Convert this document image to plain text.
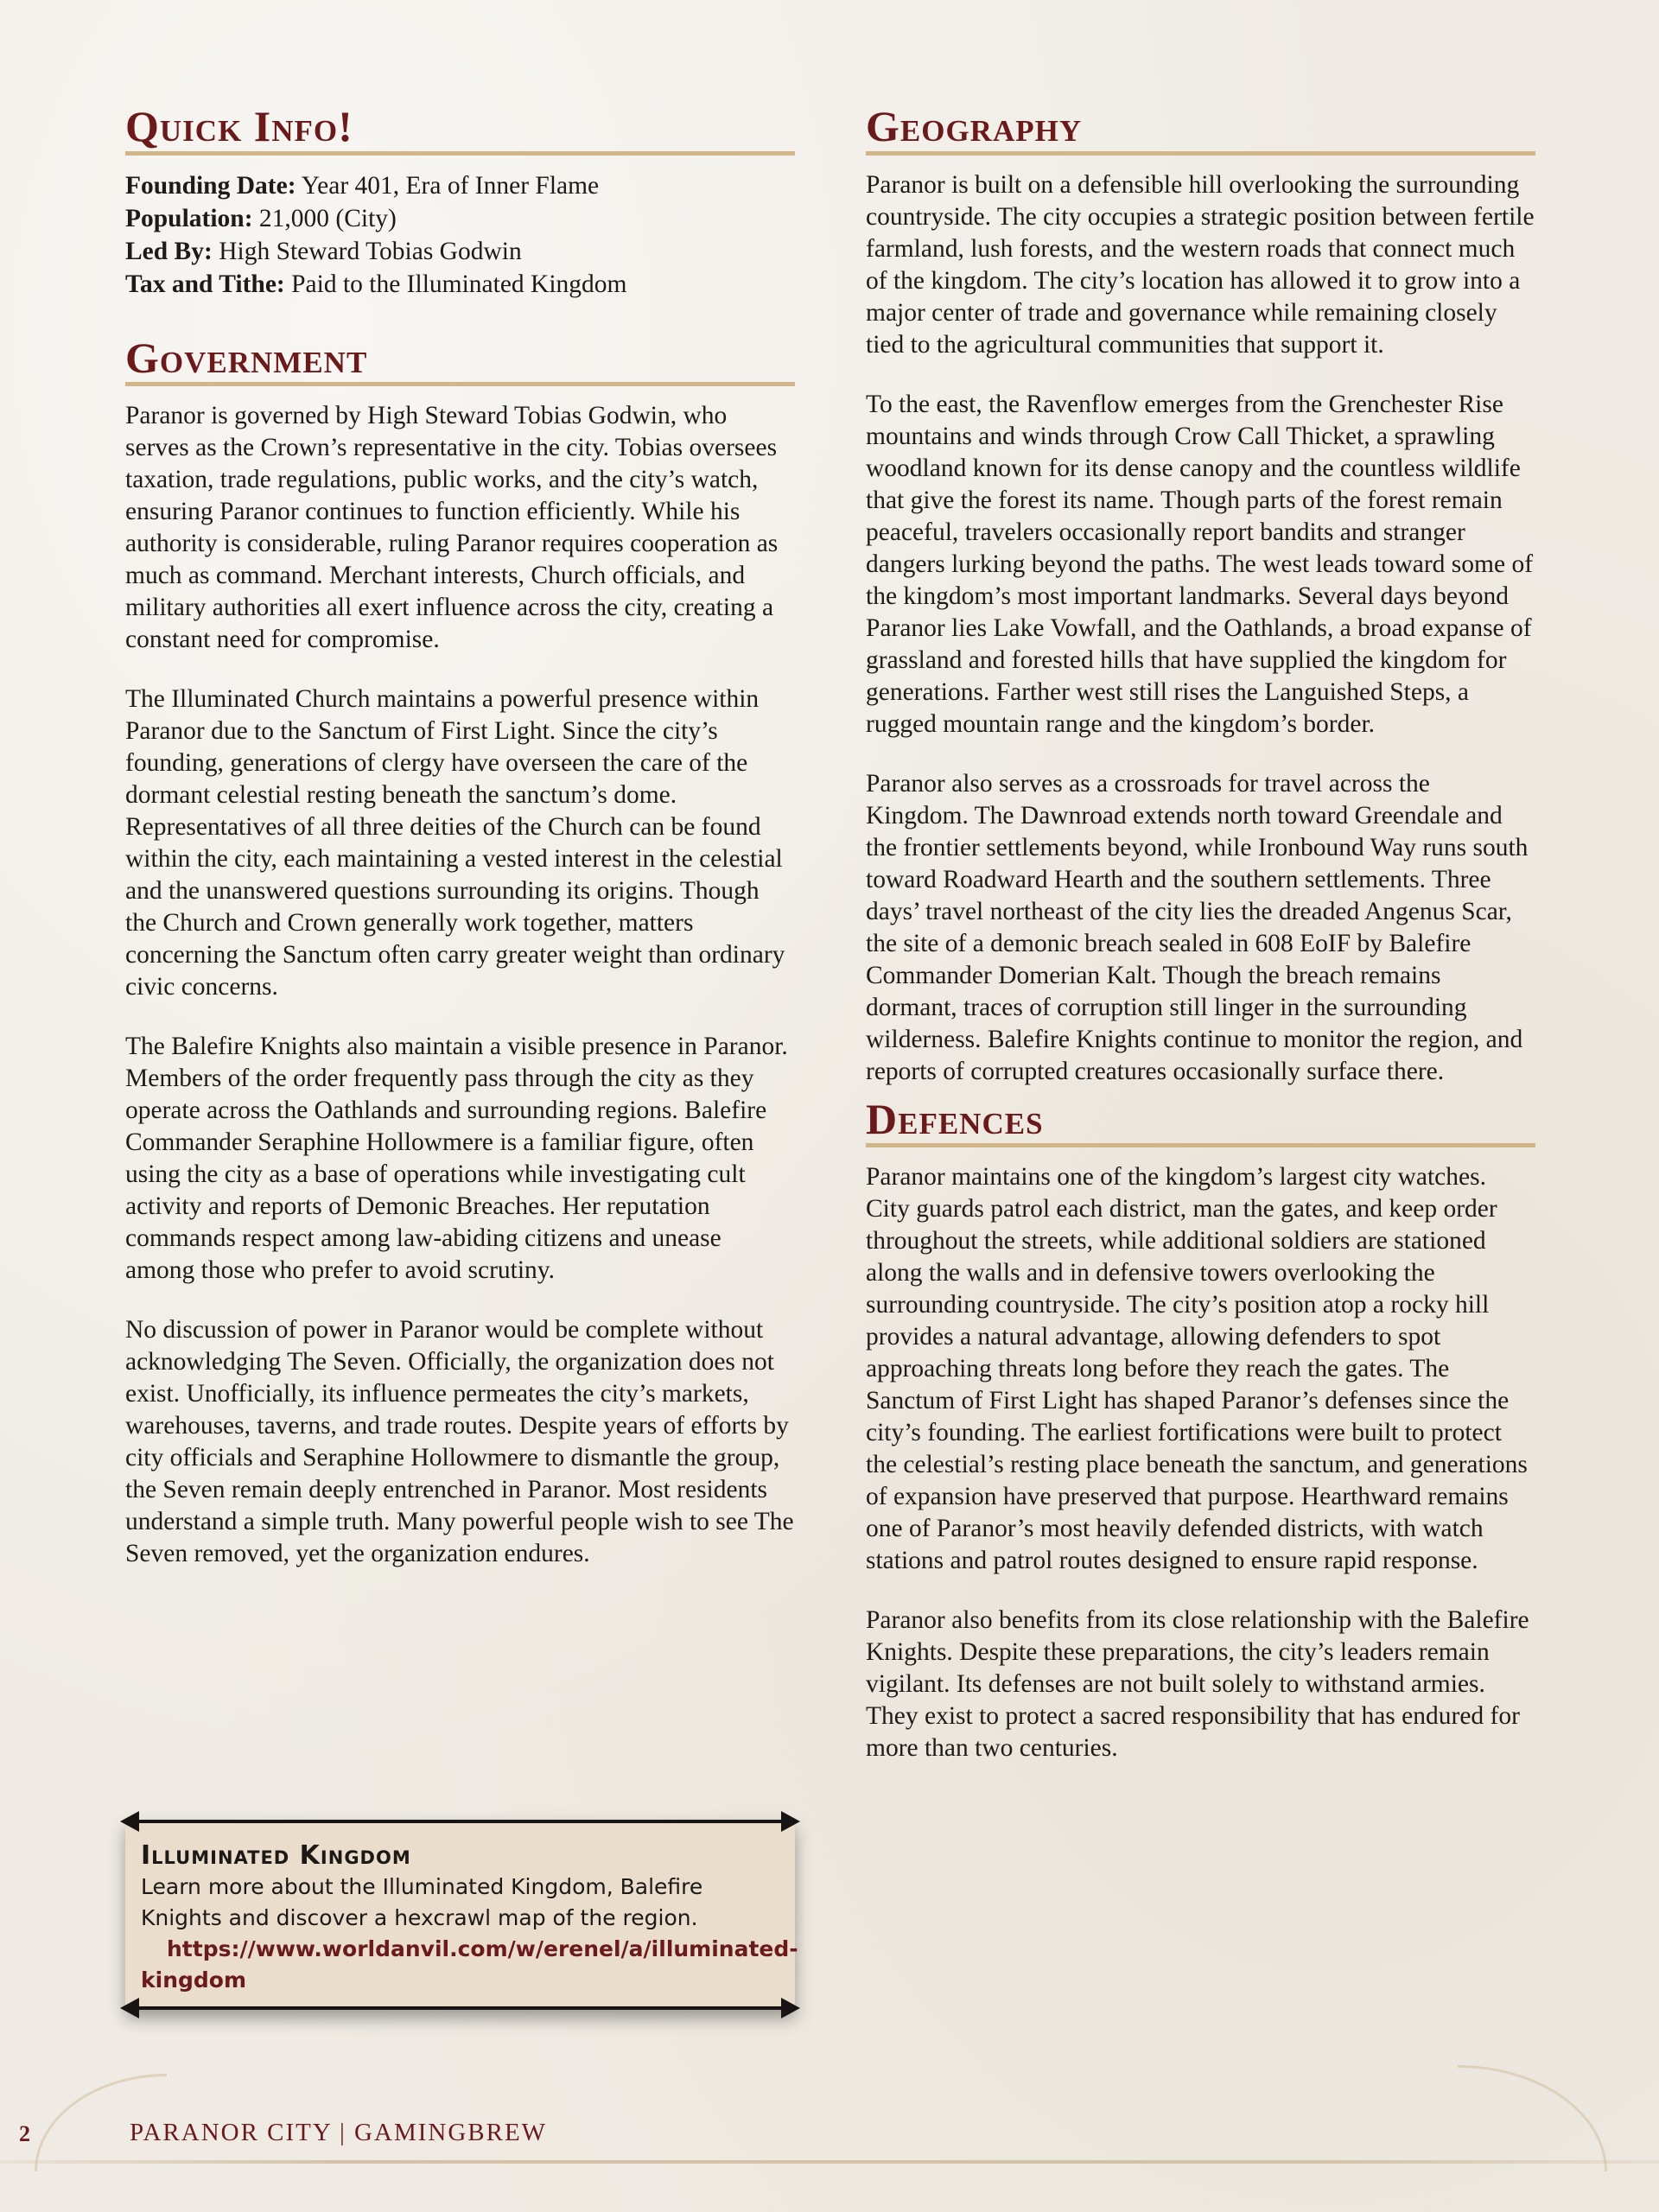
Quick Info!
Founding Date: Year 401, Era of Inner Flame
Population: 21,000 (City)
Led By: High Steward Tobias Godwin
Tax and Tithe: Paid to the Illuminated Kingdom
Government

Paranor is governed by High Steward Tobias Godwin, who serves as the Crown’s representative in the city. Tobias oversees taxation, trade regulations, public works, and the city’s watch, ensuring Paranor continues to function efficiently. While his authority is considerable, ruling Paranor requires cooperation as much as command. Merchant interests, Church officials, and military authorities all exert influence across the city, creating a constant need for compromise.

The Illuminated Church maintains a powerful presence within Paranor due to the Sanctum of First Light. Since the city’s founding, generations of clergy have overseen the care of the dormant celestial resting beneath the sanctum’s dome. Representatives of all three deities of the Church can be found within the city, each maintaining a vested interest in the celestial and the unanswered questions surrounding its origins. Though the Church and Crown generally work together, matters concerning the Sanctum often carry greater weight than ordinary civic concerns.

The Balefire Knights also maintain a visible presence in Paranor. Members of the order frequently pass through the city as they operate across the Oathlands and surrounding regions. Balefire Commander Seraphine Hollowmere is a familiar figure, often using the city as a base of operations while investigating cult activity and reports of Demonic Breaches. Her reputation commands respect among law-abiding citizens and unease among those who prefer to avoid scrutiny.

No discussion of power in Paranor would be complete without acknowledging The Seven. Officially, the organization does not exist. Unofficially, its influence permeates the city’s markets, warehouses, taverns, and trade routes. Despite years of efforts by city officials and Seraphine Hollowmere to dismantle the group, the Seven remain deeply entrenched in Paranor. Most residents understand a simple truth. Many powerful people wish to see The Seven removed, yet the organization endures.

Illuminated Kingdom
Learn more about the Illuminated Kingdom, Balefire Knights and discover a hexcrawl map of the region.
https://www.worldanvil.com/w/erenel/a/illuminated-kingdom
Geography

Paranor is built on a defensible hill overlooking the surrounding countryside. The city occupies a strategic position between fertile farmland, lush forests, and the western roads that connect much of the kingdom. The city’s location has allowed it to grow into a major center of trade and governance while remaining closely tied to the agricultural communities that support it.

To the east, the Ravenflow emerges from the Grenchester Rise mountains and winds through Crow Call Thicket, a sprawling woodland known for its dense canopy and the countless wildlife that give the forest its name. Though parts of the forest remain peaceful, travelers occasionally report bandits and stranger dangers lurking beyond the paths. The west leads toward some of the kingdom’s most important landmarks. Several days beyond Paranor lies Lake Vowfall, and the Oathlands, a broad expanse of grassland and forested hills that have supplied the kingdom for generations. Farther west still rises the Languished Steps, a rugged mountain range and the kingdom’s border.

Paranor also serves as a crossroads for travel across the Kingdom. The Dawnroad extends north toward Greendale and the frontier settlements beyond, while Ironbound Way runs south toward Roadward Hearth and the southern settlements. Three days’ travel northeast of the city lies the dreaded Angenus Scar, the site of a demonic breach sealed in 608 EoIF by Balefire Commander Domerian Kalt. Though the breach remains dormant, traces of corruption still linger in the surrounding wilderness. Balefire Knights continue to monitor the region, and reports of corrupted creatures occasionally surface there.

Defences

Paranor maintains one of the kingdom’s largest city watches. City guards patrol each district, man the gates, and keep order throughout the streets, while additional soldiers are stationed along the walls and in defensive towers overlooking the surrounding countryside. The city’s position atop a rocky hill provides a natural advantage, allowing defenders to spot approaching threats long before they reach the gates. The Sanctum of First Light has shaped Paranor’s defenses since the city’s founding. The earliest fortifications were built to protect the celestial’s resting place beneath the sanctum, and generations of expansion have preserved that purpose. Hearthward remains one of Paranor’s most heavily defended districts, with watch stations and patrol routes designed to ensure rapid response.

Paranor also benefits from its close relationship with the Balefire Knights. Despite these preparations, the city’s leaders remain vigilant. Its defenses are not built solely to withstand armies. They exist to protect a sacred responsibility that has endured for more than two centuries.

2	PARANOR CITY | GAMINGBREW
